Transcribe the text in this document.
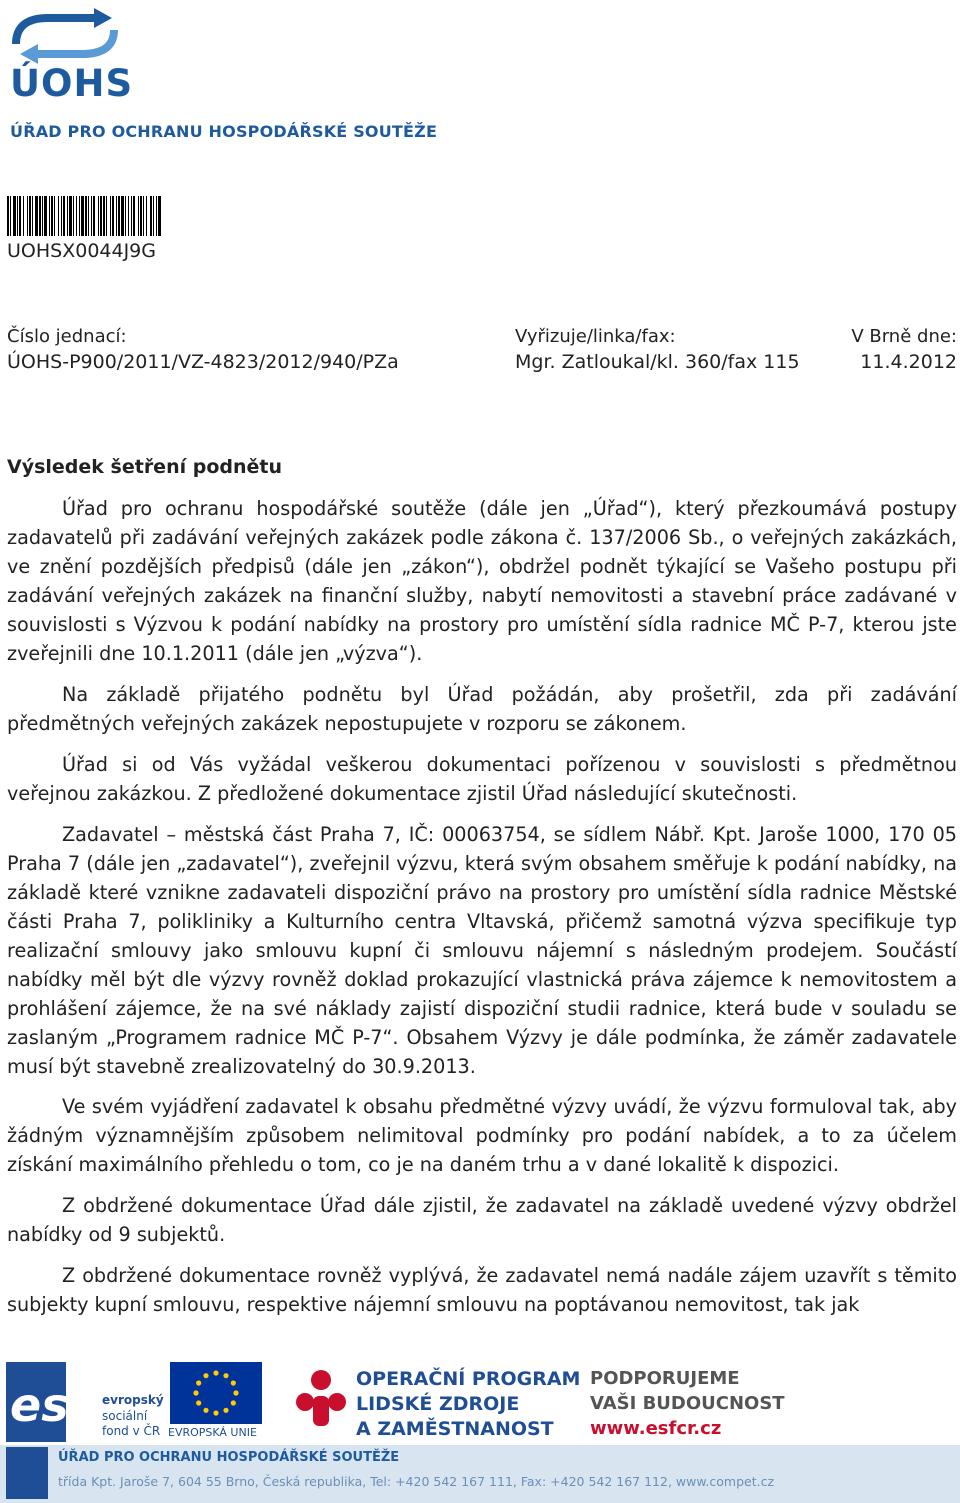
ÚOHS
ÚŘAD PRO OCHRANU HOSPODÁŘSKÉ SOUTĚŽE
UOHSX0044J9G
Číslo jednací:
ÚOHS-P900/2011/VZ-4823/2012/940/PZa
Vyřizuje/linka/fax:
Mgr. Zatloukal/kl. 360/fax 115
V Brně dne:
11.4.2012
Výsledek šetření podnětu

Úřad pro ochranu hospodářské soutěže (dále jen „Úřad“), který přezkoumává postupy zadavatelů při zadávání veřejných zakázek podle zákona č. 137/2006 Sb., o veřejných zakázkách, ve znění pozdějších předpisů (dále jen „zákon“), obdržel podnět týkající se Vašeho postupu při zadávání veřejných zakázek na finanční služby, nabytí nemovitosti a stavební práce zadávané v souvislosti s Výzvou k podání nabídky na prostory pro umístění sídla radnice MČ P-7, kterou jste zveřejnili dne 10.1.2011 (dále jen „výzva“).

Na základě přijatého podnětu byl Úřad požádán, aby prošetřil, zda při zadávání předmětných veřejných zakázek nepostupujete v rozporu se zákonem.

Úřad si od Vás vyžádal veškerou dokumentaci pořízenou v souvislosti s předmětnou veřejnou zakázkou. Z předložené dokumentace zjistil Úřad následující skutečnosti.

Zadavatel – městská část Praha 7, IČ: 00063754, se sídlem Nábř. Kpt. Jaroše 1000, 170 05 Praha 7 (dále jen „zadavatel“), zveřejnil výzvu, která svým obsahem směřuje k podání nabídky, na základě které vznikne zadavateli dispoziční právo na prostory pro umístění sídla radnice Městské části Praha 7, polikliniky a Kulturního centra Vltavská, přičemž samotná výzva specifikuje typ realizační smlouvy jako smlouvu kupní či smlouvu nájemní s následným prodejem. Součástí nabídky měl být dle výzvy rovněž doklad prokazující vlastnická práva zájemce k nemovitostem a prohlášení zájemce, že na své náklady zajistí dispoziční studii radnice, která bude v souladu se zaslaným „Programem radnice MČ P-7“. Obsahem Výzvy je dále podmínka, že záměr zadavatele musí být stavebně zrealizovatelný do 30.9.2013.

Ve svém vyjádření zadavatel k obsahu předmětné výzvy uvádí, že výzvu formuloval tak, aby žádným významnějším způsobem nelimitoval podmínky pro podání nabídek, a to za účelem získání maximálního přehledu o tom, co je na daném trhu a v dané lokalitě k dispozici.

Z obdržené dokumentace Úřad dále zjistil, že zadavatel na základě uvedené výzvy obdržel nabídky od 9 subjektů.

Z obdržené dokumentace rovněž vyplývá, že zadavatel nemá nadále zájem uzavřít s těmito subjekty kupní smlouvu, respektive nájemní smlouvu na poptávanou nemovitost, tak jak

esf evropský
sociální
fond v ČR EVROPSKÁ UNIE
OPERAČNÍ PROGRAM
LIDSKÉ ZDROJE
A ZAMĚSTNANOST
PODPORUJEME
VAŠI BUDOUCNOST
www.esfcr.cz
ÚŘAD PRO OCHRANU HOSPODÁŘSKÉ SOUTĚŽE
třída Kpt. Jaroše 7, 604 55 Brno, Česká republika, Tel: +420 542 167 111, Fax: +420 542 167 112, www.compet.cz
